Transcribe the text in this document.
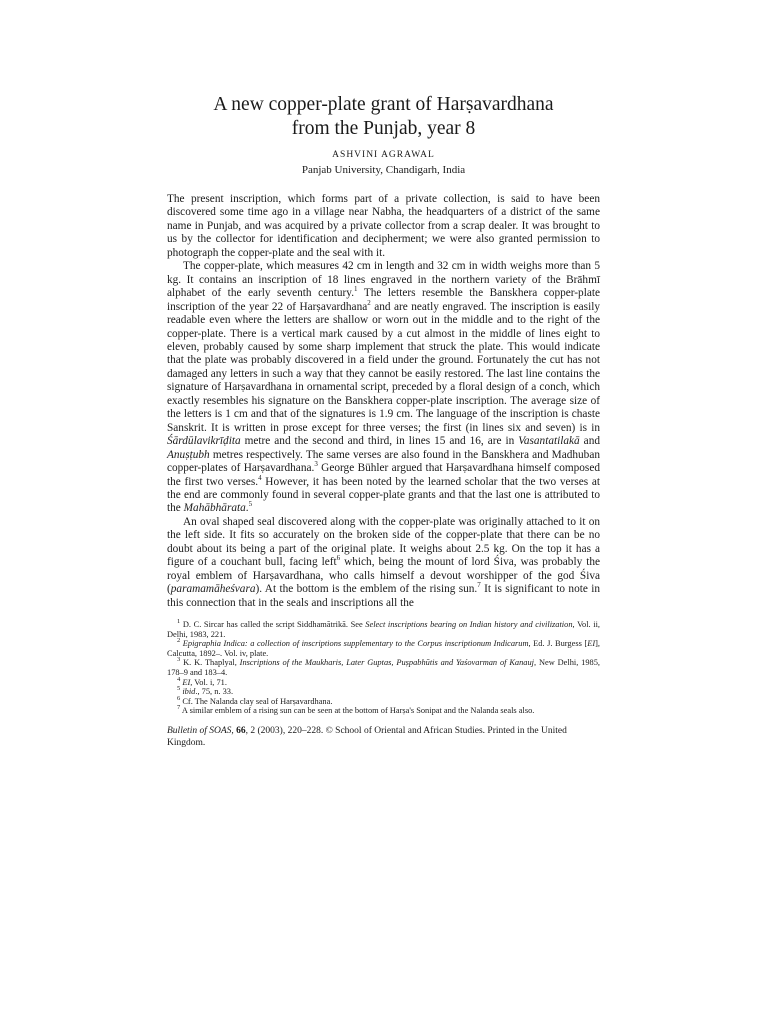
A new copper-plate grant of Harṣavardhana
from the Punjab, year 8
ASHVINI AGRAWAL
Panjab University, Chandigarh, India

The present inscription, which forms part of a private collection, is said to have been discovered some time ago in a village near Nabha, the headquarters of a district of the same name in Punjab, and was acquired by a private collector from a scrap dealer. It was brought to us by the collector for identification and decipherment; we were also granted permission to photograph the copper-plate and the seal with it.

The copper-plate, which measures 42 cm in length and 32 cm in width weighs more than 5 kg. It contains an inscription of 18 lines engraved in the northern variety of the Brāhmī alphabet of the early seventh century.$^1$ The letters resemble the Banskhera copper-plate inscription of the year 22 of Harṣavardhana$^2$ and are neatly engraved. The inscription is easily readable even where the letters are shallow or worn out in the middle and to the right of the copper-plate. There is a vertical mark caused by a cut almost in the middle of lines eight to eleven, probably caused by some sharp implement that struck the plate. This would indicate that the plate was probably discovered in a field under the ground. Fortunately the cut has not damaged any letters in such a way that they cannot be easily restored. The last line contains the signature of Harṣavardhana in ornamental script, preceded by a floral design of a conch, which exactly resembles his signature on the Banskhera copper-plate inscription. The average size of the letters is 1 cm and that of the signatures is 1.9 cm. The language of the inscription is chaste Sanskrit. It is written in prose except for three verses; the first (in lines six and seven) is in Śārdūlavikrīḍita metre and the second and third, in lines 15 and 16, are in Vasantatilakā and Anuṣṭubh metres respectively. The same verses are also found in the Banskhera and Madhuban copper-plates of Harṣavardhana.$^3$ George Bühler argued that Harṣavardhana himself composed the first two verses.$^4$ However, it has been noted by the learned scholar that the two verses at the end are commonly found in several copper-plate grants and that the last one is attributed to the Mahābhārata.$^5$

An oval shaped seal discovered along with the copper-plate was originally attached to it on the left side. It fits so accurately on the broken side of the copper-plate that there can be no doubt about its being a part of the original plate. It weighs about 2.5 kg. On the top it has a figure of a couchant bull, facing left$^6$ which, being the mount of lord Śiva, was probably the royal emblem of Harṣavardhana, who calls himself a devout worshipper of the god Śiva (paramamāheśvara). At the bottom is the emblem of the rising sun.$^7$ It is significant to note in this connection that in the seals and inscriptions all the

$^1$ D. C. Sircar has called the script Siddhamātrikā. See Select inscriptions bearing on Indian history and civilization, Vol. ii, Delhi, 1983, 221.

$^2$ Epigraphia Indica: a collection of inscriptions supplementary to the Corpus inscriptionum Indicarum, Ed. J. Burgess [EI], Calcutta, 1892–. Vol. iv, plate.

$^3$ K. K. Thaplyal, Inscriptions of the Maukharis, Later Guptas, Puṣpabhūtis and Yaśovarman of Kanauj, New Delhi, 1985, 178–9 and 183–4.

$^4$ EI, Vol. i, 71.

$^5$ ibid., 75, n. 33.

$^6$ Cf. The Nalanda clay seal of Harṣavardhana.

$^7$ A similar emblem of a rising sun can be seen at the bottom of Harṣa's Sonipat and the Nalanda seals also.

Bulletin of SOAS, 66, 2 (2003), 220–228. © School of Oriental and African Studies. Printed in the United Kingdom.
